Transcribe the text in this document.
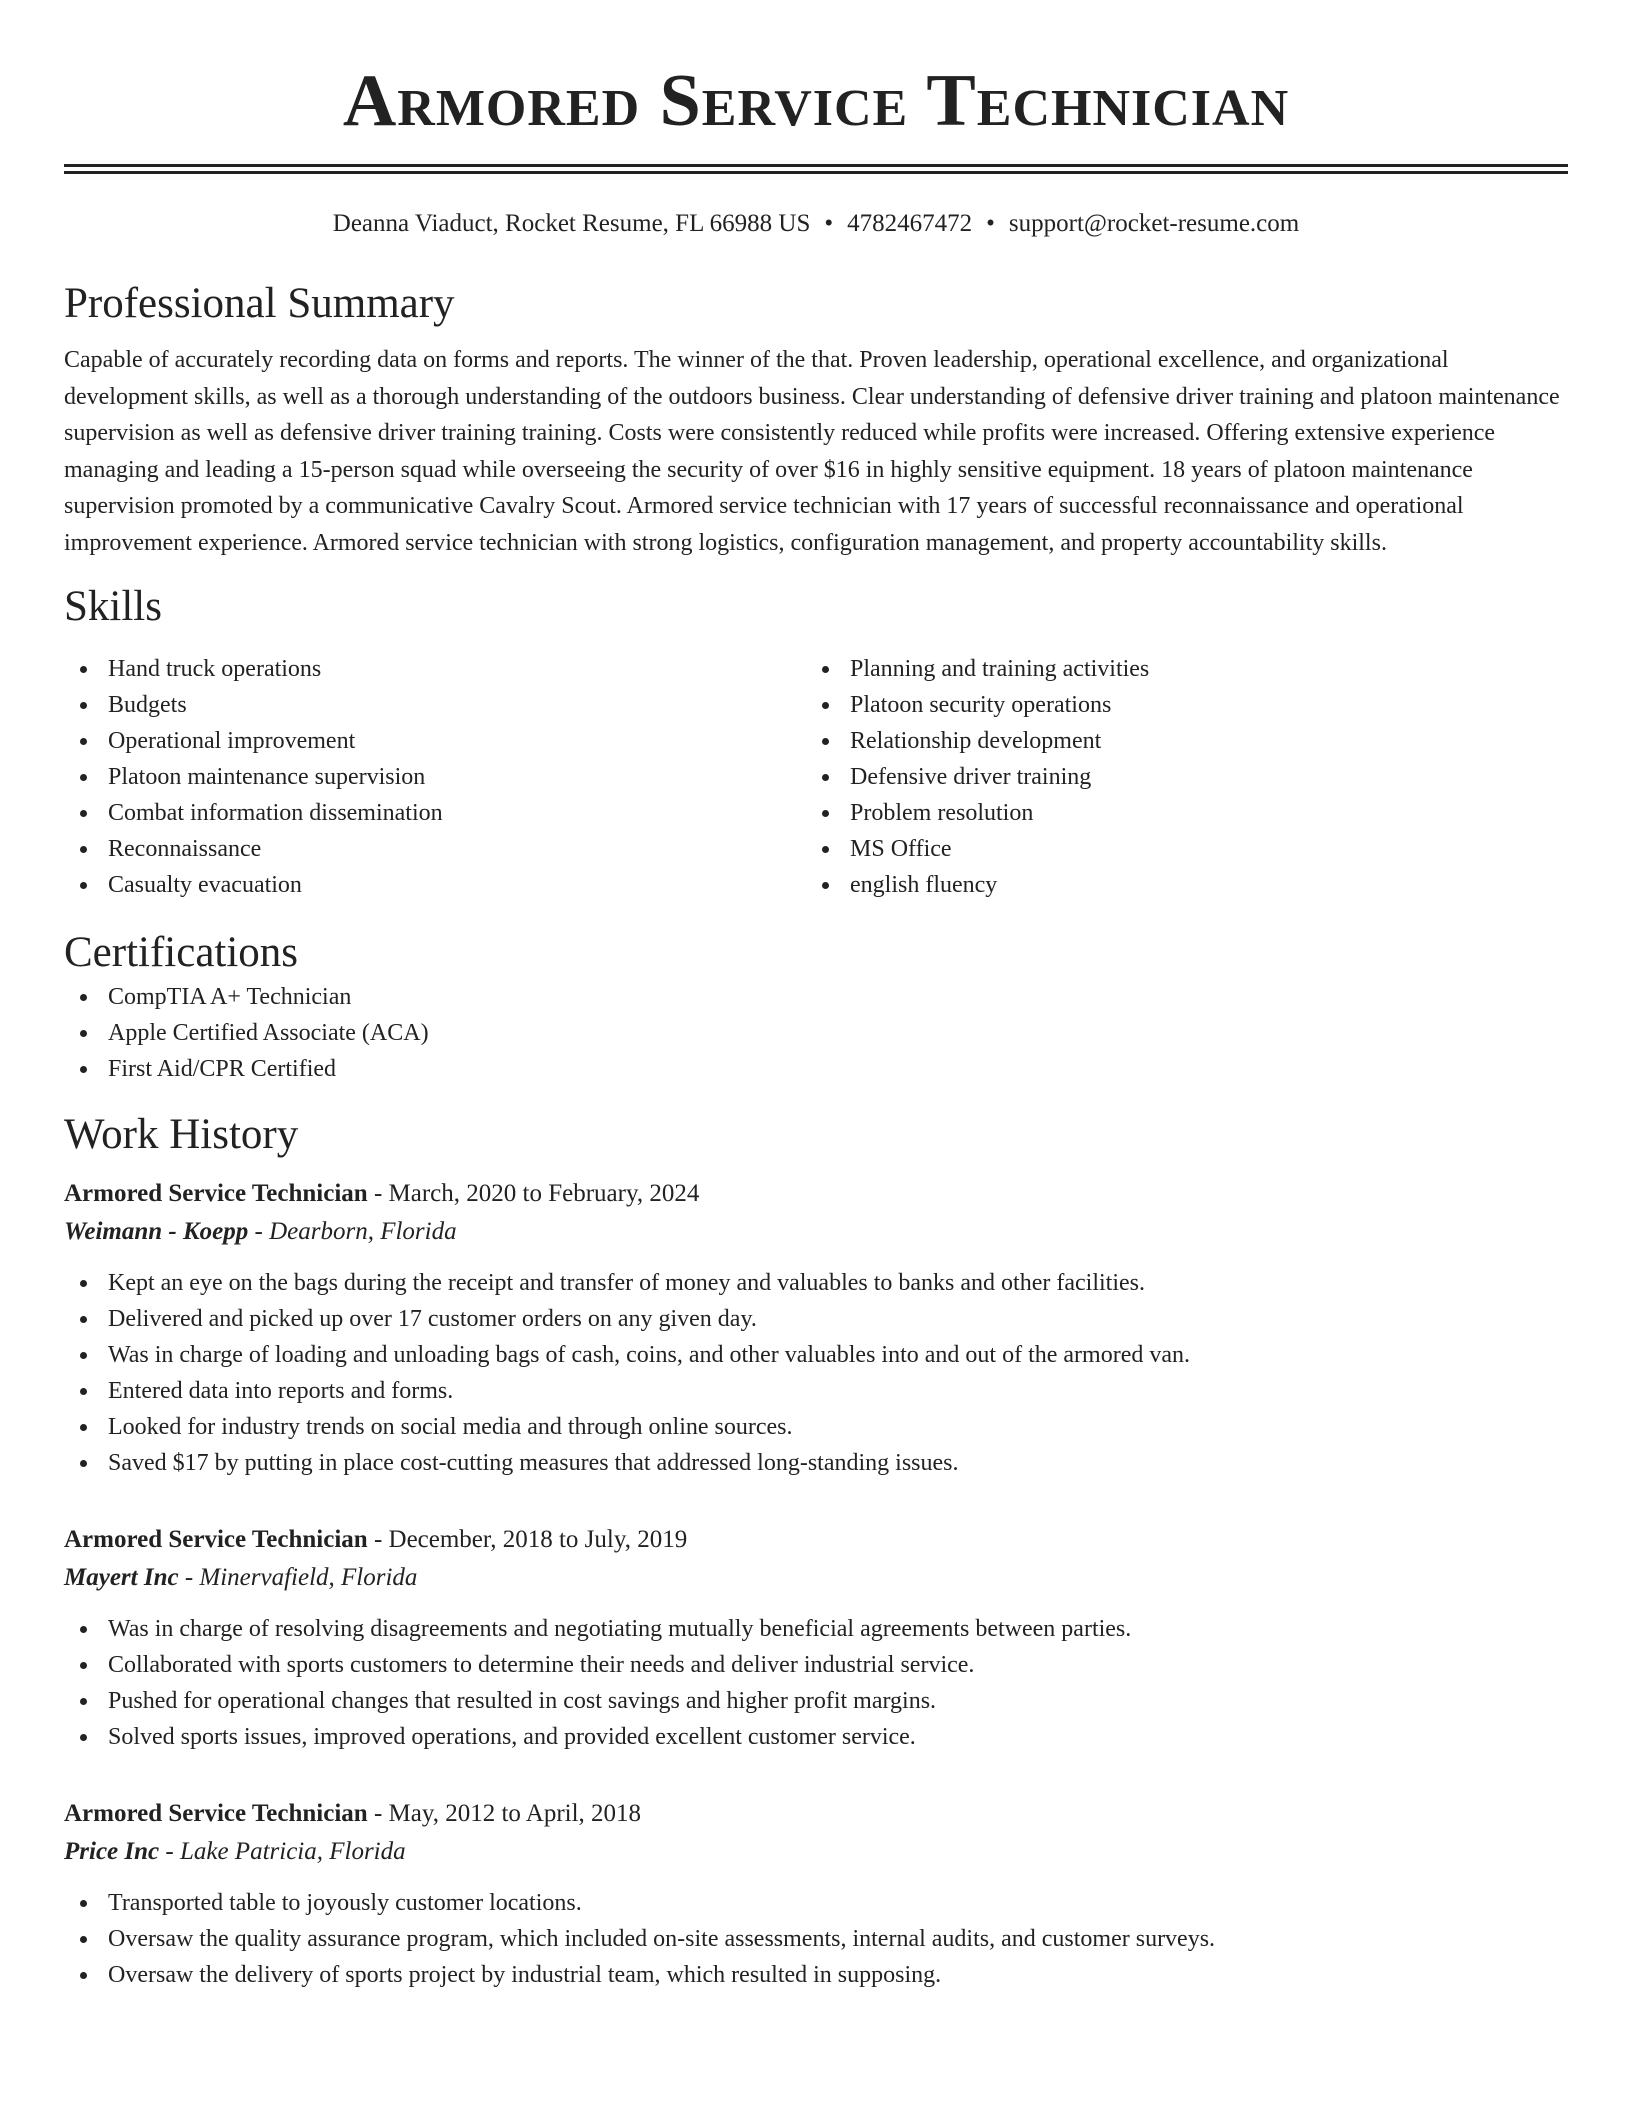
Armored Service Technician
Deanna Viaduct, Rocket Resume, FL 66988 US • 4782467472 • support@rocket-resume.com
Professional Summary
Capable of accurately recording data on forms and reports. The winner of the that. Proven leadership, operational excellence, and organizational development skills, as well as a thorough understanding of the outdoors business. Clear understanding of defensive driver training and platoon maintenance supervision as well as defensive driver training training. Costs were consistently reduced while profits were increased. Offering extensive experience managing and leading a 15-person squad while overseeing the security of over $16 in highly sensitive equipment. 18 years of platoon maintenance supervision promoted by a communicative Cavalry Scout. Armored service technician with 17 years of successful reconnaissance and operational improvement experience. Armored service technician with strong logistics, configuration management, and property accountability skills.
Skills
Hand truck operations
Budgets
Operational improvement
Platoon maintenance supervision
Combat information dissemination
Reconnaissance
Casualty evacuation
Planning and training activities
Platoon security operations
Relationship development
Defensive driver training
Problem resolution
MS Office
english fluency
Certifications
CompTIA A+ Technician
Apple Certified Associate (ACA)
First Aid/CPR Certified
Work History
Armored Service Technician - March, 2020 to February, 2024
Weimann - Koepp - Dearborn, Florida
Kept an eye on the bags during the receipt and transfer of money and valuables to banks and other facilities.
Delivered and picked up over 17 customer orders on any given day.
Was in charge of loading and unloading bags of cash, coins, and other valuables into and out of the armored van.
Entered data into reports and forms.
Looked for industry trends on social media and through online sources.
Saved $17 by putting in place cost-cutting measures that addressed long-standing issues.
Armored Service Technician - December, 2018 to July, 2019
Mayert Inc - Minervafield, Florida
Was in charge of resolving disagreements and negotiating mutually beneficial agreements between parties.
Collaborated with sports customers to determine their needs and deliver industrial service.
Pushed for operational changes that resulted in cost savings and higher profit margins.
Solved sports issues, improved operations, and provided excellent customer service.
Armored Service Technician - May, 2012 to April, 2018
Price Inc - Lake Patricia, Florida
Transported table to joyously customer locations.
Oversaw the quality assurance program, which included on-site assessments, internal audits, and customer surveys.
Oversaw the delivery of sports project by industrial team, which resulted in supposing.
